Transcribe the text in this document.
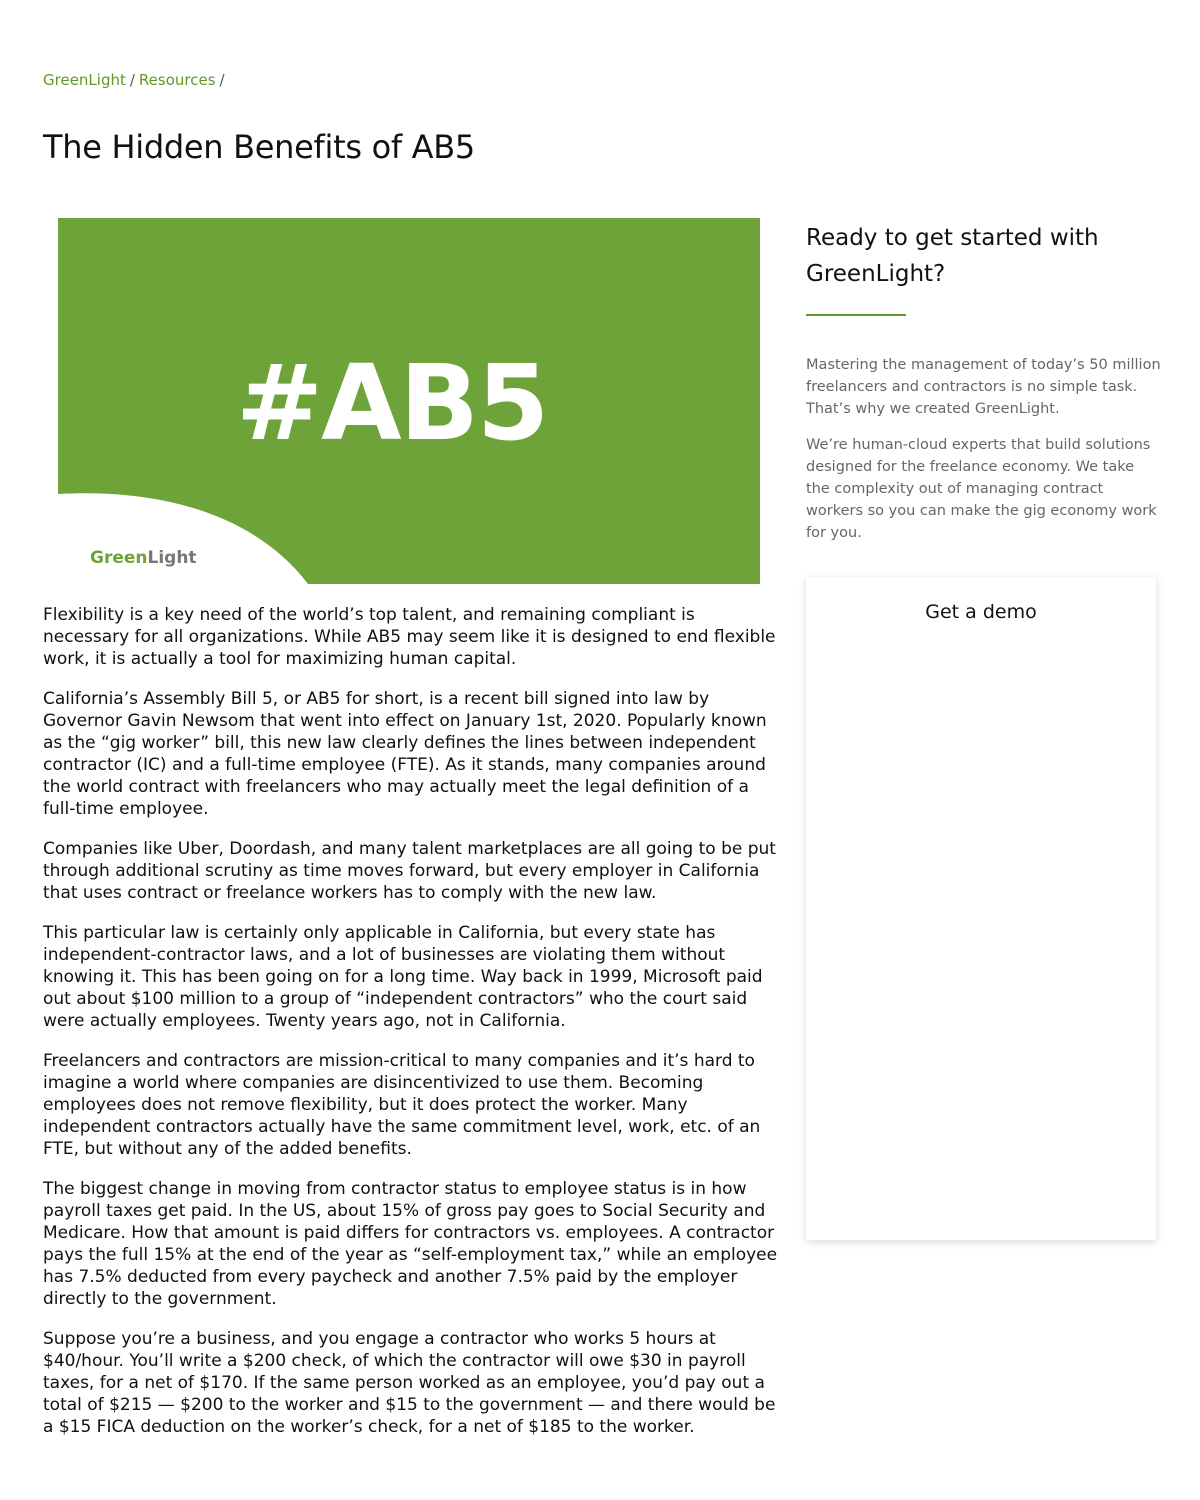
GreenLight / Resources /
The Hidden Benefits of AB5
#AB5
GreenLight

Flexibility is a key need of the world’s top talent, and remaining compliant is necessary for all organizations. While AB5 may seem like it is designed to end flexible work, it is actually a tool for maximizing human capital.

California’s Assembly Bill 5, or AB5 for short, is a recent bill signed into law by Governor Gavin Newsom that went into effect on January 1st, 2020. Popularly known as the “gig worker” bill, this new law clearly defines the lines between independent contractor (IC) and a full-time employee (FTE). As it stands, many companies around the world contract with freelancers who may actually meet the legal definition of a full-time employee.

Companies like Uber, Doordash, and many talent marketplaces are all going to be put through additional scrutiny as time moves forward, but every employer in California that uses contract or freelance workers has to comply with the new law.

This particular law is certainly only applicable in California, but every state has independent-contractor laws, and a lot of businesses are violating them without knowing it. This has been going on for a long time. Way back in 1999, Microsoft paid out about $100 million to a group of “independent contractors” who the court said were actually employees. Twenty years ago, not in California.

Freelancers and contractors are mission-critical to many companies and it’s hard to imagine a world where companies are disincentivized to use them. Becoming employees does not remove flexibility, but it does protect the worker. Many independent contractors actually have the same commitment level, work, etc. of an FTE, but without any of the added benefits.

The biggest change in moving from contractor status to employee status is in how payroll taxes get paid. In the US, about 15% of gross pay goes to Social Security and Medicare. How that amount is paid differs for contractors vs. employees. A contractor pays the full 15% at the end of the year as “self-employment tax,” while an employee has 7.5% deducted from every paycheck and another 7.5% paid by the employer directly to the government.

Suppose you’re a business, and you engage a contractor who works 5 hours at $40/hour. You’ll write a $200 check, of which the contractor will owe $30 in payroll taxes, for a net of $170. If the same person worked as an employee, you’d pay out a total of $215 — $200 to the worker and $15 to the government — and there would be a $15 FICA deduction on the worker’s check, for a net of $185 to the worker.

Ready to get started with GreenLight?

Mastering the management of today’s 50 million freelancers and contractors is no simple task. That’s why we created GreenLight.

We’re human-cloud experts that build solutions designed for the freelance economy. We take the complexity out of managing contract workers so you can make the gig economy work for you.

Get a demo
